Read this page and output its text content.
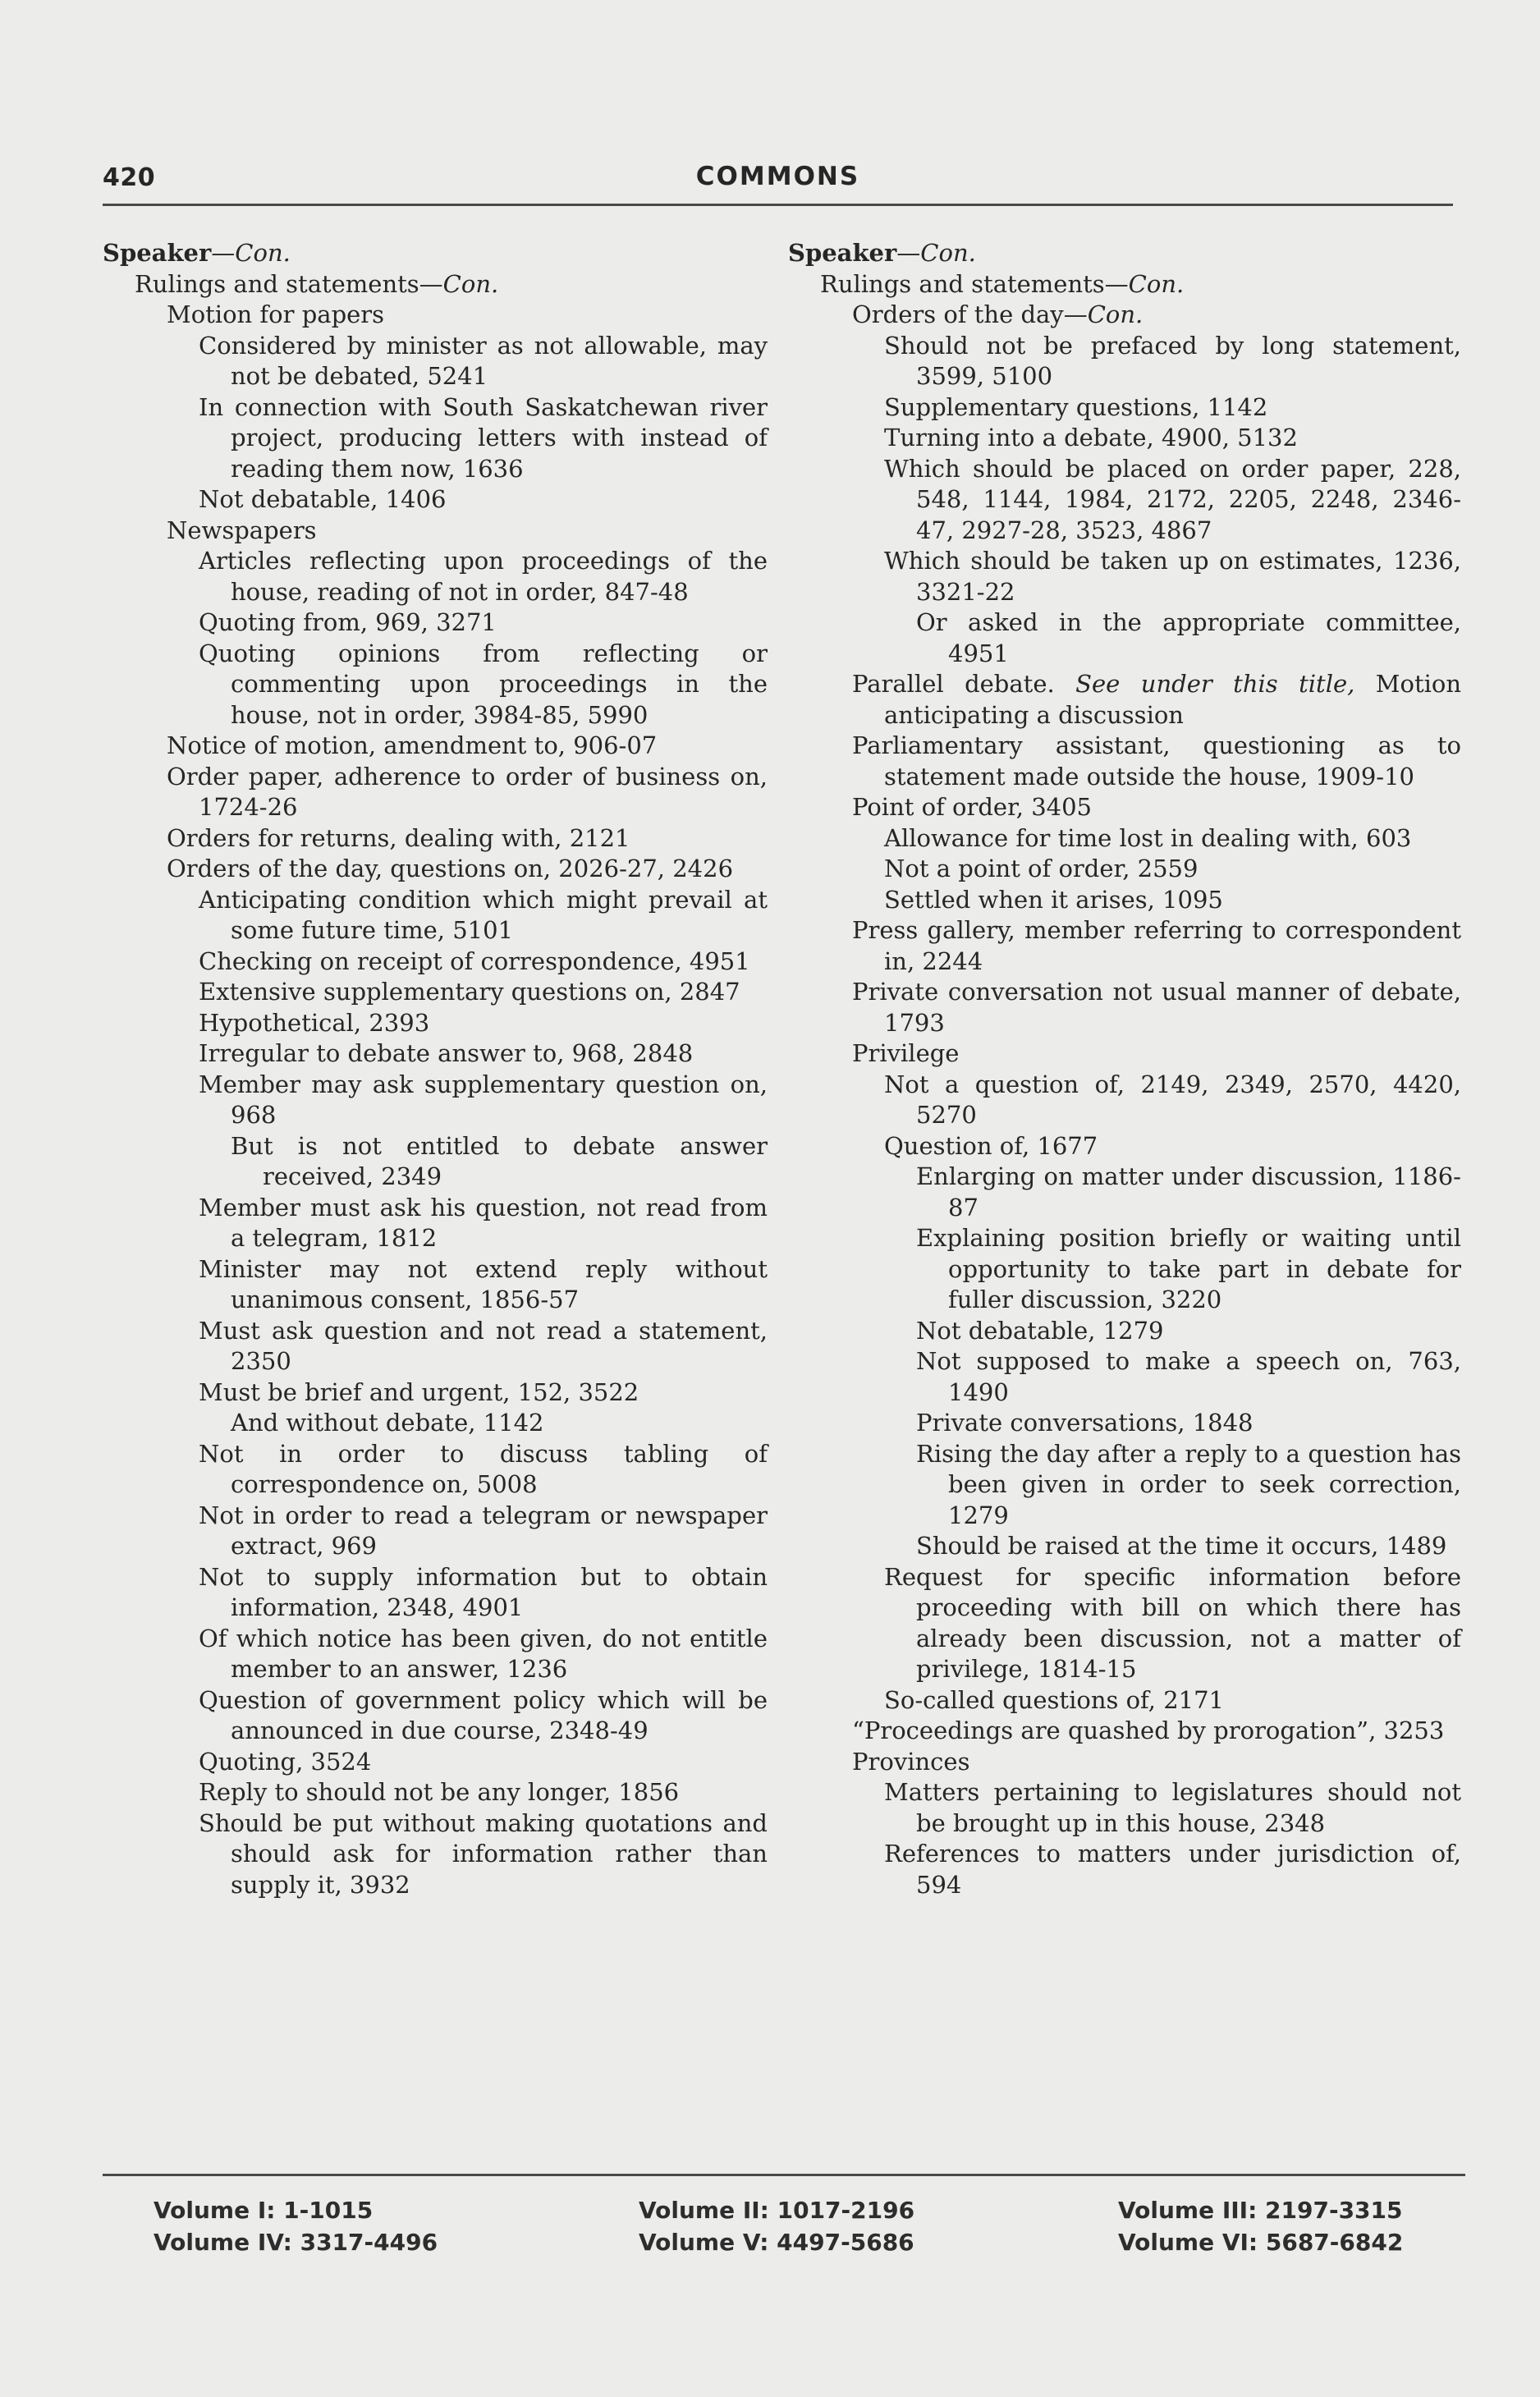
420	COMMONS

Speaker—Con.

Rulings and statements—Con.

Motion for papers

Considered by minister as not allowable, may not be debated, 5241

In connection with South Saskatchewan river project, producing letters with instead of reading them now, 1636

Not debatable, 1406

Newspapers

Articles reflecting upon proceedings of the house, reading of not in order, 847-48

Quoting from, 969, 3271

Quoting opinions from reflecting or commenting upon proceedings in the house, not in order, 3984-85, 5990

Notice of motion, amendment to, 906-07

Order paper, adherence to order of business on, 1724-26

Orders for returns, dealing with, 2121

Orders of the day, questions on, 2026-27, 2426

Anticipating condition which might prevail at some future time, 5101

Checking on receipt of correspondence, 4951

Extensive supplementary questions on, 2847

Hypothetical, 2393

Irregular to debate answer to, 968, 2848

Member may ask supplementary question on, 968

But is not entitled to debate answer received, 2349

Member must ask his question, not read from a telegram, 1812

Minister may not extend reply without unanimous consent, 1856-57

Must ask question and not read a statement, 2350

Must be brief and urgent, 152, 3522

And without debate, 1142

Not in order to discuss tabling of correspondence on, 5008

Not in order to read a telegram or newspaper extract, 969

Not to supply information but to obtain information, 2348, 4901

Of which notice has been given, do not entitle member to an answer, 1236

Question of government policy which will be announced in due course, 2348-49

Quoting, 3524

Reply to should not be any longer, 1856

Should be put without making quotations and should ask for information rather than supply it, 3932

Speaker—Con.

Rulings and statements—Con.

Orders of the day—Con.

Should not be prefaced by long statement, 3599, 5100

Supplementary questions, 1142

Turning into a debate, 4900, 5132

Which should be placed on order paper, 228, 548, 1144, 1984, 2172, 2205, 2248, 2346-47, 2927-28, 3523, 4867

Which should be taken up on estimates, 1236, 3321-22

Or asked in the appropriate committee, 4951

Parallel debate. See under this title, Motion anticipating a discussion

Parliamentary assistant, questioning as to statement made outside the house, 1909-10

Point of order, 3405

Allowance for time lost in dealing with, 603

Not a point of order, 2559

Settled when it arises, 1095

Press gallery, member referring to correspondent in, 2244

Private conversation not usual manner of debate, 1793

Privilege

Not a question of, 2149, 2349, 2570, 4420, 5270

Question of, 1677

Enlarging on matter under discussion, 1186-87

Explaining position briefly or waiting until opportunity to take part in debate for fuller discussion, 3220

Not debatable, 1279

Not supposed to make a speech on, 763, 1490

Private conversations, 1848

Rising the day after a reply to a question has been given in order to seek correction, 1279

Should be raised at the time it occurs, 1489

Request for specific information before proceeding with bill on which there has already been discussion, not a matter of privilege, 1814-15

So-called questions of, 2171

“Proceedings are quashed by prorogation”, 3253

Provinces

Matters pertaining to legislatures should not be brought up in this house, 2348

References to matters under jurisdiction of, 594

Volume I: 1-1015
Volume IV: 3317-4496
Volume II: 1017-2196
Volume V: 4497-5686
Volume III: 2197-3315
Volume VI: 5687-6842
